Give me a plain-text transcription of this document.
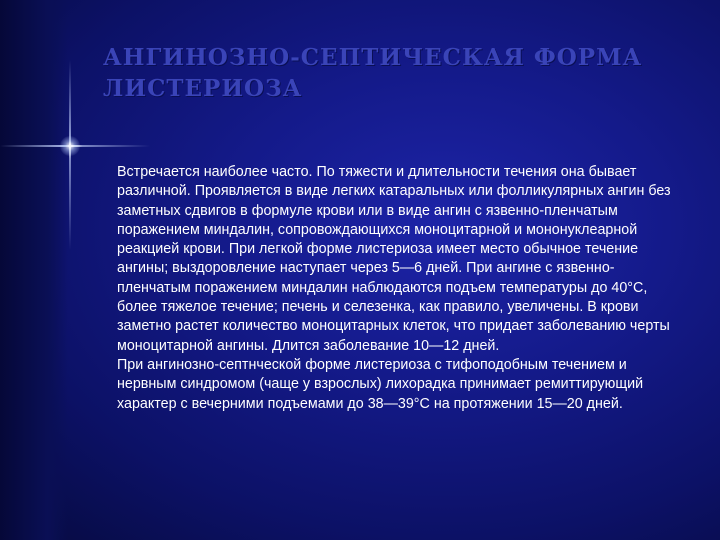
АНГИНОЗНО-СЕПТИЧЕСКАЯ ФОРМА
ЛИСТЕРИОЗА

Встречается наиболее часто. По тяжести и длительности течения она бывает различной. Проявляется в виде легких катаральных или фолликулярных ангин без заметных сдвигов в формуле крови или в виде ангин с язвенно-пленчатым поражением миндалин, сопровождающихся моноцитарной и мононуклеарной реакцией крови. При легкой форме листериоза имеет место обычное течение ангины; выздоровление наступает через 5—6 дней. При ангине с язвенно-пленчатым поражением миндалин наблюдаются подъем температуры до 40°С, более тяжелое течение; печень и селезенка, как правило, увеличены. В крови заметно растет количество моноцитарных клеток, что придает заболеванию черты моноцитарной ангины. Длится заболевание 10—12 дней.

При ангинозно-септнческой форме листериоза с тифоподобным течением и нервным синдромом (чаще у взрослых) лихорадка принимает ремиттирующий характер с вечерними подъемами до 38—39°С на протяжении 15—20 дней.
